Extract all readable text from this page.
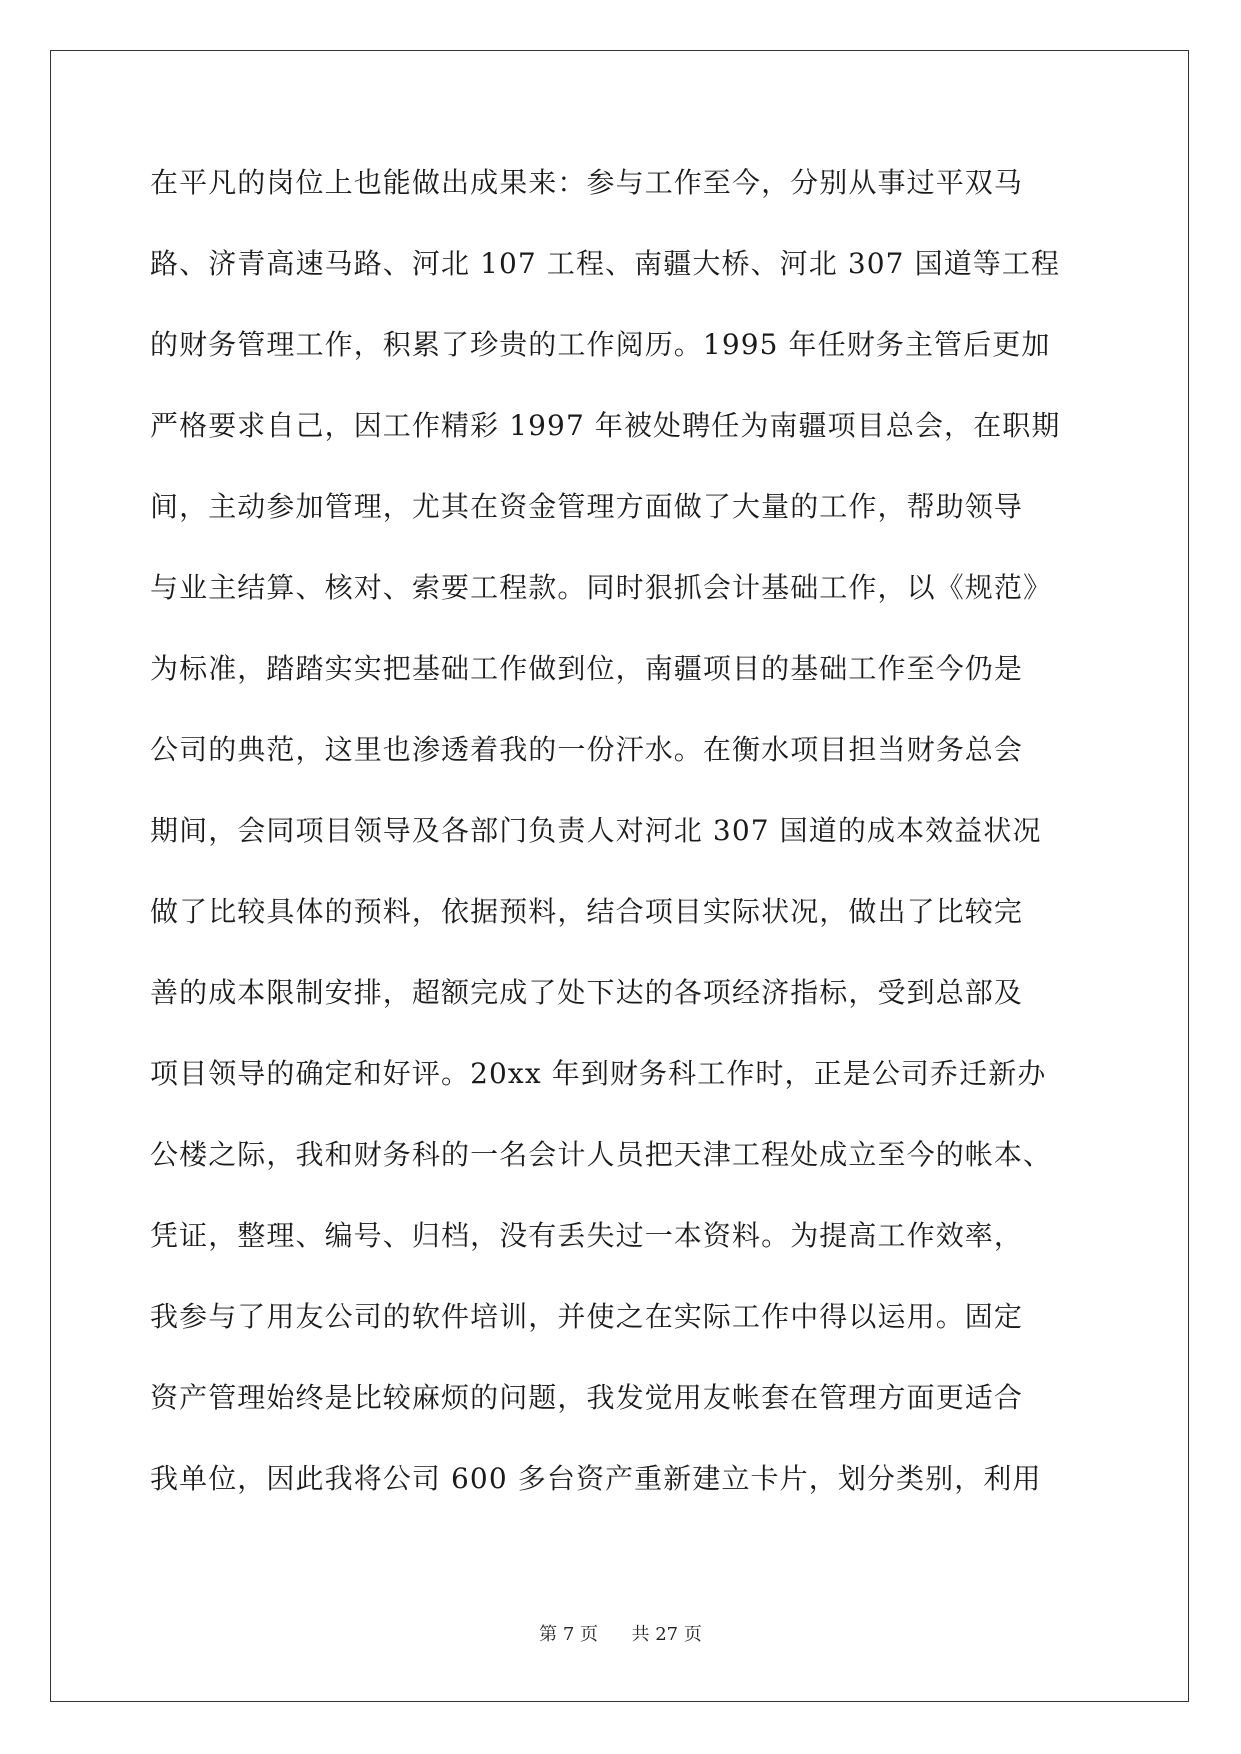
在平凡的岗位上也能做出成果来：参与工作至今，分别从事过平双马
路、济青高速马路、河北 107 工程、南疆大桥、河北 307 国道等工程
的财务管理工作，积累了珍贵的工作阅历。1995 年任财务主管后更加
严格要求自己，因工作精彩 1997 年被处聘任为南疆项目总会，在职期
间，主动参加管理，尤其在资金管理方面做了大量的工作，帮助领导
与业主结算、核对、索要工程款。同时狠抓会计基础工作，以《规范》
为标准，踏踏实实把基础工作做到位，南疆项目的基础工作至今仍是
公司的典范，这里也渗透着我的一份汗水。在衡水项目担当财务总会
期间，会同项目领导及各部门负责人对河北 307 国道的成本效益状况
做了比较具体的预料，依据预料，结合项目实际状况，做出了比较完
善的成本限制安排，超额完成了处下达的各项经济指标，受到总部及
项目领导的确定和好评。20xx 年到财务科工作时，正是公司乔迁新办
公楼之际，我和财务科的一名会计人员把天津工程处成立至今的帐本、
凭证，整理、编号、归档，没有丢失过一本资料。为提高工作效率，
我参与了用友公司的软件培训，并使之在实际工作中得以运用。固定
资产管理始终是比较麻烦的问题，我发觉用友帐套在管理方面更适合
我单位，因此我将公司 600 多台资产重新建立卡片，划分类别，利用
第 7 页 共 27 页
